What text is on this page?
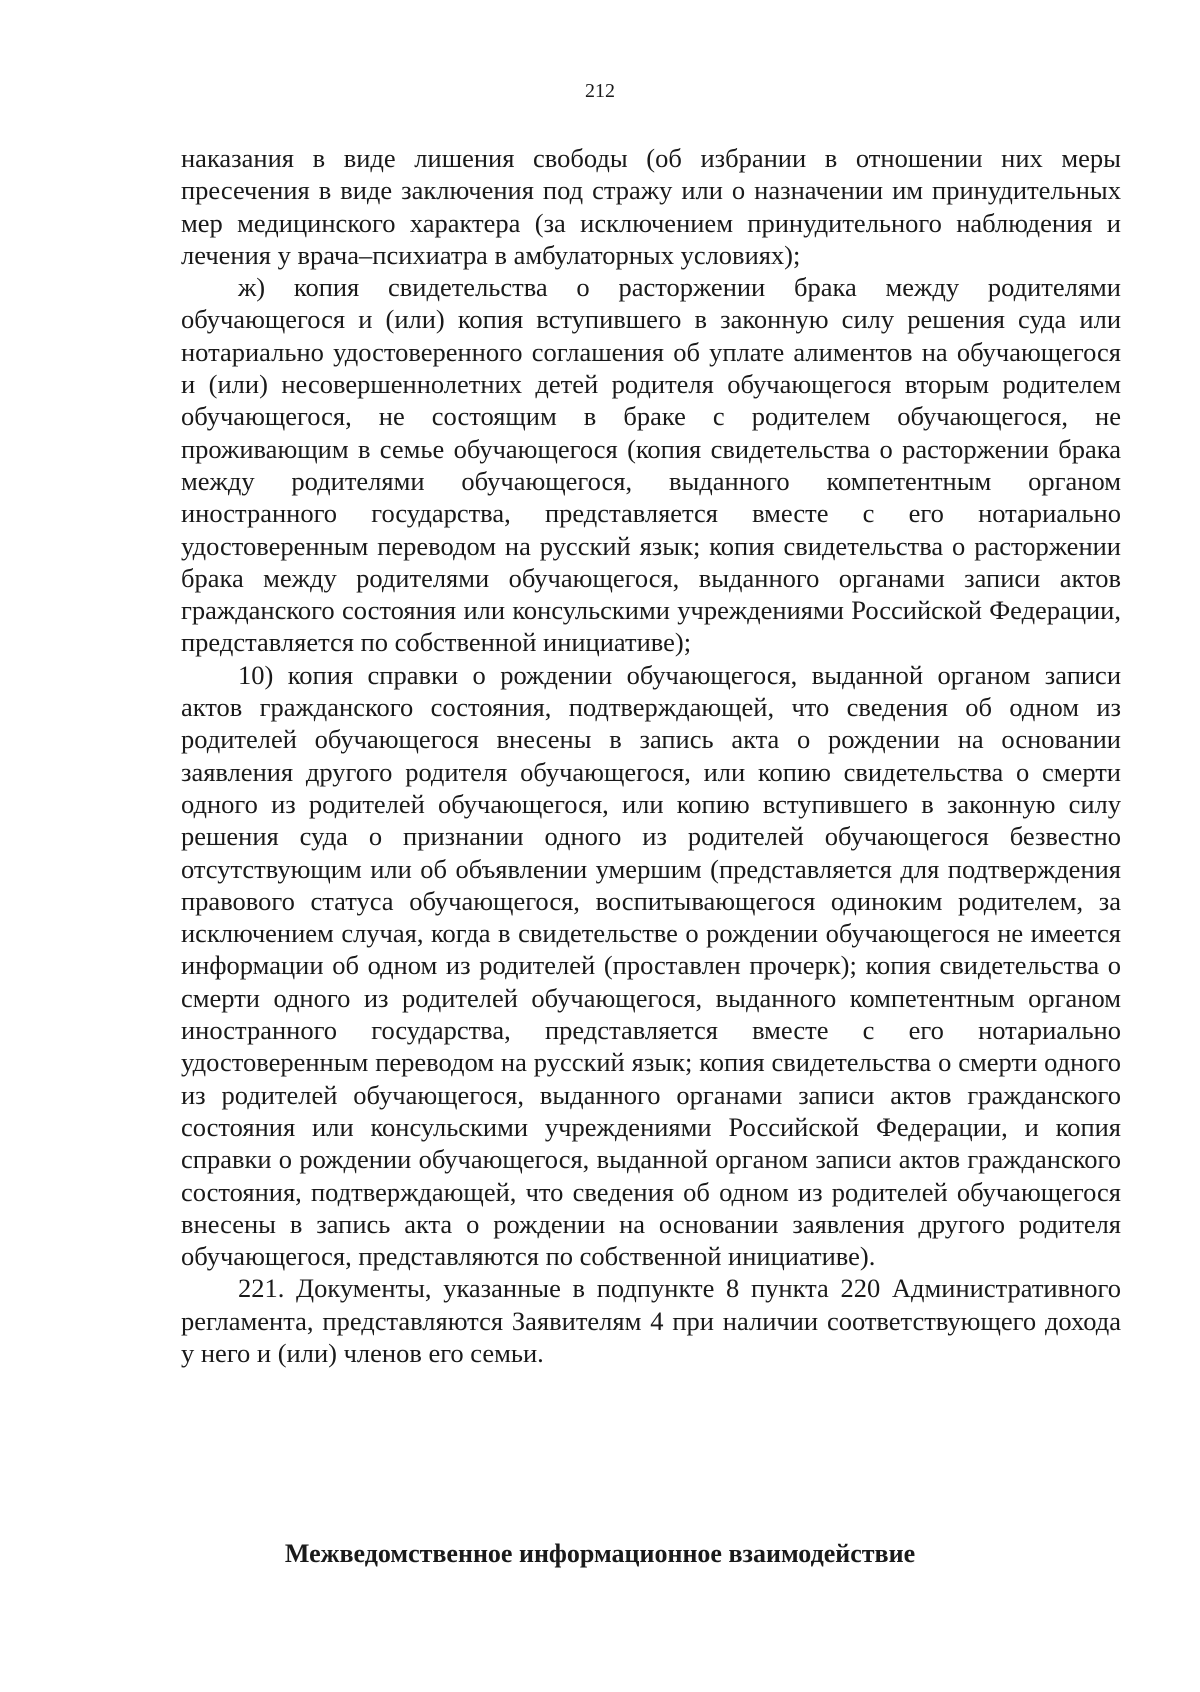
212

наказания в виде лишения свободы (об избрании в отношении них меры пресечения в виде заключения под стражу или о назначении им принудительных мер медицинского характера (за исключением принудительного наблюдения и лечения у врача–психиатра в амбулаторных условиях);

ж) копия свидетельства о расторжении брака между родителями обучающегося и (или) копия вступившего в законную силу решения суда или нотариально удостоверенного соглашения об уплате алиментов на обучающегося и (или) несовершеннолетних детей родителя обучающегося вторым родителем обучающегося, не состоящим в браке с родителем обучающегося, не проживающим в семье обучающегося (копия свидетельства о расторжении брака между родителями обучающегося, выданного компетентным органом иностранного государства, представляется вместе с его нотариально удостоверенным переводом на русский язык; копия свидетельства о расторжении брака между родителями обучающегося, выданного органами записи актов гражданского состояния или консульскими учреждениями Российской Федерации, представляется по собственной инициативе);

10) копия справки о рождении обучающегося, выданной органом записи актов гражданского состояния, подтверждающей, что сведения об одном из родителей обучающегося внесены в запись акта о рождении на основании заявления другого родителя обучающегося, или копию свидетельства о смерти одного из родителей обучающегося, или копию вступившего в законную силу решения суда о признании одного из родителей обучающегося безвестно отсутствующим или об объявлении умершим (представляется для подтверждения правового статуса обучающегося, воспитывающегося одиноким родителем, за исключением случая, когда в свидетельстве о рождении обучающегося не имеется информации об одном из родителей (проставлен прочерк); копия свидетельства о смерти одного из родителей обучающегося, выданного компетентным органом иностранного государства, представляется вместе с его нотариально удостоверенным переводом на русский язык; копия свидетельства о смерти одного из родителей обучающегося, выданного органами записи актов гражданского состояния или консульскими учреждениями Российской Федерации, и копия справки о рождении обучающегося, выданной органом записи актов гражданского состояния, подтверждающей, что сведения об одном из родителей обучающегося внесены в запись акта о рождении на основании заявления другого родителя обучающегося, представляются по собственной инициативе).

221. Документы, указанные в подпункте 8 пункта 220 Административного регламента, представляются Заявителям 4 при наличии соответствующего дохода у него и (или) членов его семьи.

Межведомственное информационное взаимодействие
